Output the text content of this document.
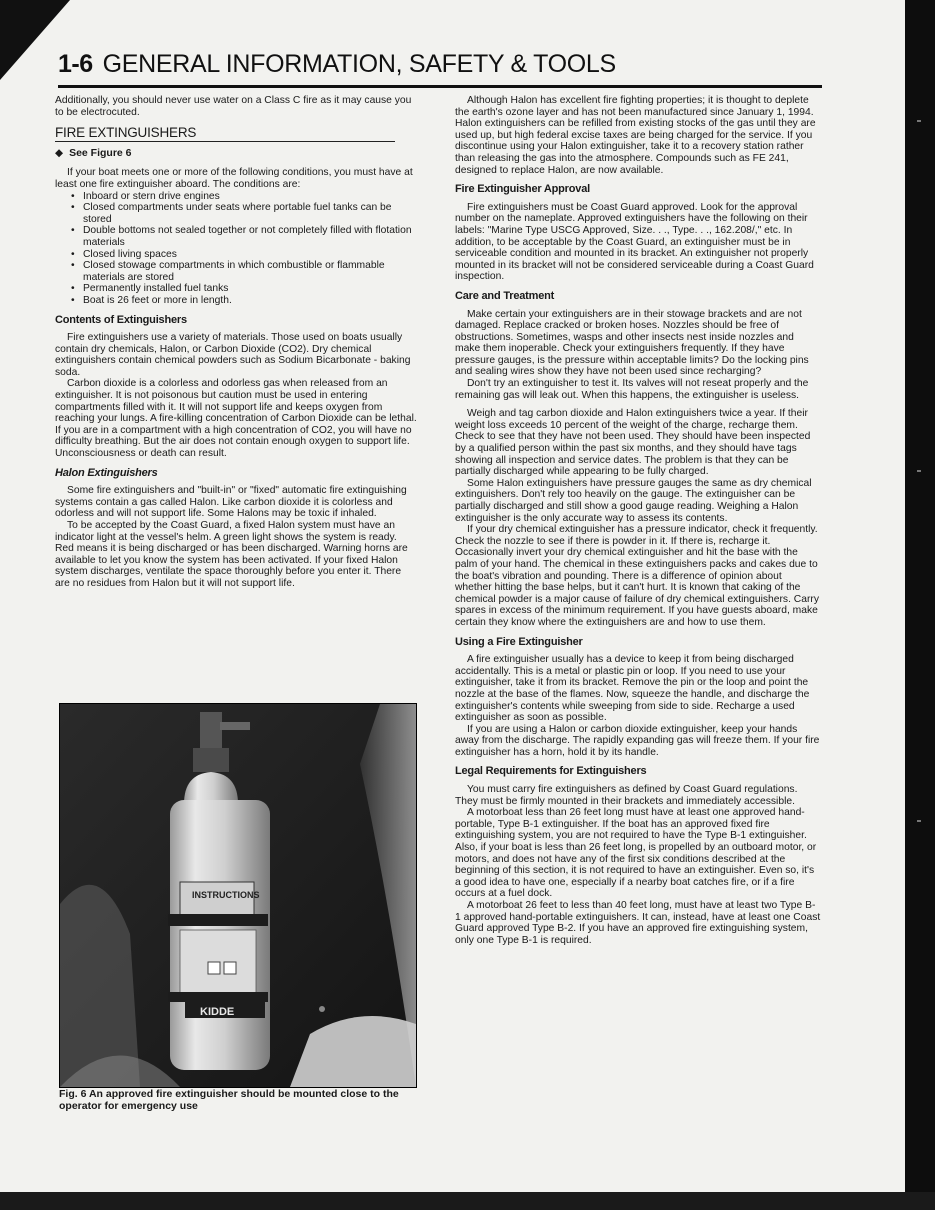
1-6 GENERAL INFORMATION, SAFETY & TOOLS

Additionally, you should never use water on a Class C fire as it may cause you to be electrocuted.

FIRE EXTINGUISHERS

◆ See Figure 6

If your boat meets one or more of the following conditions, you must have at least one fire extinguisher aboard. The conditions are:

• Inboard or stern drive engines
• Closed compartments under seats where portable fuel tanks can be stored
• Double bottoms not sealed together or not completely filled with flotation materials
• Closed living spaces
• Closed stowage compartments in which combustible or flammable materials are stored
• Permanently installed fuel tanks
• Boat is 26 feet or more in length.
Contents of Extinguishers

Fire extinguishers use a variety of materials. Those used on boats usually contain dry chemicals, Halon, or Carbon Dioxide (CO2). Dry chemical extinguishers contain chemical powders such as Sodium Bicarbonate - baking soda.

Carbon dioxide is a colorless and odorless gas when released from an extinguisher. It is not poisonous but caution must be used in entering compartments filled with it. It will not support life and keeps oxygen from reaching your lungs. A fire-killing concentration of Carbon Dioxide can be lethal. If you are in a compartment with a high concentration of CO2, you will have no difficulty breathing. But the air does not contain enough oxygen to support life. Unconsciousness or death can result.

Halon Extinguishers

Some fire extinguishers and "built-in" or "fixed" automatic fire extinguishing systems contain a gas called Halon. Like carbon dioxide it is colorless and odorless and will not support life. Some Halons may be toxic if inhaled.

To be accepted by the Coast Guard, a fixed Halon system must have an indicator light at the vessel's helm. A green light shows the system is ready. Red means it is being discharged or has been discharged. Warning horns are available to let you know the system has been activated. If your fixed Halon system discharges, ventilate the space thoroughly before you enter it. There are no residues from Halon but it will not support life.

INSTRUCTIONS
KIDDE
Fig. 6 An approved fire extinguisher should be mounted close to the operator for emergency use

Although Halon has excellent fire fighting properties; it is thought to deplete the earth's ozone layer and has not been manufactured since January 1, 1994. Halon extinguishers can be refilled from existing stocks of the gas until they are used up, but high federal excise taxes are being charged for the service. If you discontinue using your Halon extinguisher, take it to a recovery station rather than releasing the gas into the atmosphere. Compounds such as FE 241, designed to replace Halon, are now available.

Fire Extinguisher Approval

Fire extinguishers must be Coast Guard approved. Look for the approval number on the nameplate. Approved extinguishers have the following on their labels: "Marine Type USCG Approved, Size. . ., Type. . ., 162.208/," etc. In addition, to be acceptable by the Coast Guard, an extinguisher must be in serviceable condition and mounted in its bracket. An extinguisher not properly mounted in its bracket will not be considered serviceable during a Coast Guard inspection.

Care and Treatment

Make certain your extinguishers are in their stowage brackets and are not damaged. Replace cracked or broken hoses. Nozzles should be free of obstructions. Sometimes, wasps and other insects nest inside nozzles and make them inoperable. Check your extinguishers frequently. If they have pressure gauges, is the pressure within acceptable limits? Do the locking pins and sealing wires show they have not been used since recharging?

Don't try an extinguisher to test it. Its valves will not reseat properly and the remaining gas will leak out. When this happens, the extinguisher is useless.

Weigh and tag carbon dioxide and Halon extinguishers twice a year. If their weight loss exceeds 10 percent of the weight of the charge, recharge them. Check to see that they have not been used. They should have been inspected by a qualified person within the past six months, and they should have tags showing all inspection and service dates. The problem is that they can be partially discharged while appearing to be fully charged.

Some Halon extinguishers have pressure gauges the same as dry chemical extinguishers. Don't rely too heavily on the gauge. The extinguisher can be partially discharged and still show a good gauge reading. Weighing a Halon extinguisher is the only accurate way to assess its contents.

If your dry chemical extinguisher has a pressure indicator, check it frequently. Check the nozzle to see if there is powder in it. If there is, recharge it. Occasionally invert your dry chemical extinguisher and hit the base with the palm of your hand. The chemical in these extinguishers packs and cakes due to the boat's vibration and pounding. There is a difference of opinion about whether hitting the base helps, but it can't hurt. It is known that caking of the chemical powder is a major cause of failure of dry chemical extinguishers. Carry spares in excess of the minimum requirement. If you have guests aboard, make certain they know where the extinguishers are and how to use them.

Using a Fire Extinguisher

A fire extinguisher usually has a device to keep it from being discharged accidentally. This is a metal or plastic pin or loop. If you need to use your extinguisher, take it from its bracket. Remove the pin or the loop and point the nozzle at the base of the flames. Now, squeeze the handle, and discharge the extinguisher's contents while sweeping from side to side. Recharge a used extinguisher as soon as possible.

If you are using a Halon or carbon dioxide extinguisher, keep your hands away from the discharge. The rapidly expanding gas will freeze them. If your fire extinguisher has a horn, hold it by its handle.

Legal Requirements for Extinguishers

You must carry fire extinguishers as defined by Coast Guard regulations. They must be firmly mounted in their brackets and immediately accessible.

A motorboat less than 26 feet long must have at least one approved hand-portable, Type B-1 extinguisher. If the boat has an approved fixed fire extinguishing system, you are not required to have the Type B-1 extinguisher. Also, if your boat is less than 26 feet long, is propelled by an outboard motor, or motors, and does not have any of the first six conditions described at the beginning of this section, it is not required to have an extinguisher. Even so, it's a good idea to have one, especially if a nearby boat catches fire, or if a fire occurs at a fuel dock.

A motorboat 26 feet to less than 40 feet long, must have at least two Type B-1 approved hand-portable extinguishers. It can, instead, have at least one Coast Guard approved Type B-2. If you have an approved fire extinguishing system, only one Type B-1 is required.
